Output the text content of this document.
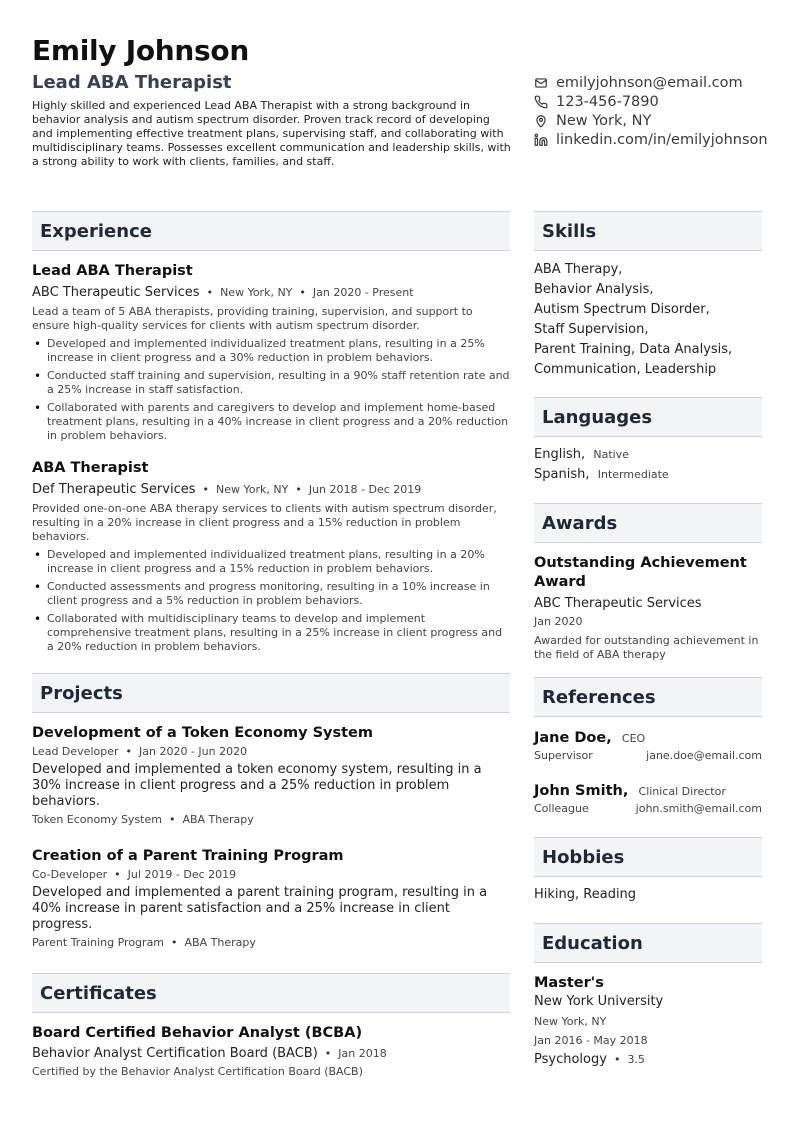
Emily Johnson
Lead ABA Therapist

Highly skilled and experienced Lead ABA Therapist with a strong background in behavior analysis and autism spectrum disorder. Proven track record of developing and implementing effective treatment plans, supervising staff, and collaborating with multidisciplinary teams. Possesses excellent communication and leadership skills, with a strong ability to work with clients, families, and staff.

emilyjohnson@email.com
123-456-7890
New York, NY
linkedin.com/in/emilyjohnson
Experience
Lead ABA Therapist
ABC Therapeutic Services • New York, NY • Jan 2020 - Present

Lead a team of 5 ABA therapists, providing training, supervision, and support to ensure high-quality services for clients with autism spectrum disorder.

• Developed and implemented individualized treatment plans, resulting in a 25% increase in client progress and a 30% reduction in problem behaviors.
• Conducted staff training and supervision, resulting in a 90% staff retention rate and a 25% increase in staff satisfaction.
• Collaborated with parents and caregivers to develop and implement home-based treatment plans, resulting in a 40% increase in client progress and a 20% reduction in problem behaviors.
ABA Therapist
Def Therapeutic Services • New York, NY • Jun 2018 - Dec 2019

Provided one-on-one ABA therapy services to clients with autism spectrum disorder, resulting in a 20% increase in client progress and a 15% reduction in problem behaviors.

• Developed and implemented individualized treatment plans, resulting in a 20% increase in client progress and a 15% reduction in problem behaviors.
• Conducted assessments and progress monitoring, resulting in a 10% increase in client progress and a 5% reduction in problem behaviors.
• Collaborated with multidisciplinary teams to develop and implement comprehensive treatment plans, resulting in a 25% increase in client progress and a 20% reduction in problem behaviors.
Projects
Development of a Token Economy System
Lead Developer • Jan 2020 - Jun 2020

Developed and implemented a token economy system, resulting in a 30% increase in client progress and a 25% reduction in problem behaviors.

Token Economy System • ABA Therapy
Creation of a Parent Training Program
Co-Developer • Jul 2019 - Dec 2019

Developed and implemented a parent training program, resulting in a 40% increase in parent satisfaction and a 25% increase in client progress.

Parent Training Program • ABA Therapy
Certificates
Board Certified Behavior Analyst (BCBA)
Behavior Analyst Certification Board (BACB) • Jan 2018
Certified by the Behavior Analyst Certification Board (BACB)
Skills
ABA Therapy,
Behavior Analysis,
Autism Spectrum Disorder,
Staff Supervision,
Parent Training, Data Analysis,
Communication, Leadership
Languages
English, Native
Spanish, Intermediate
Awards
Outstanding Achievement Award
ABC Therapeutic Services
Jan 2020

Awarded for outstanding achievement in the field of ABA therapy

References
Jane Doe, CEO
Supervisor	jane.doe@email.com
John Smith, Clinical Director
Colleague	john.smith@email.com
Hobbies
Hiking, Reading
Education
Master's
New York University
New York, NY
Jan 2016 - May 2018
Psychology • 3.5
